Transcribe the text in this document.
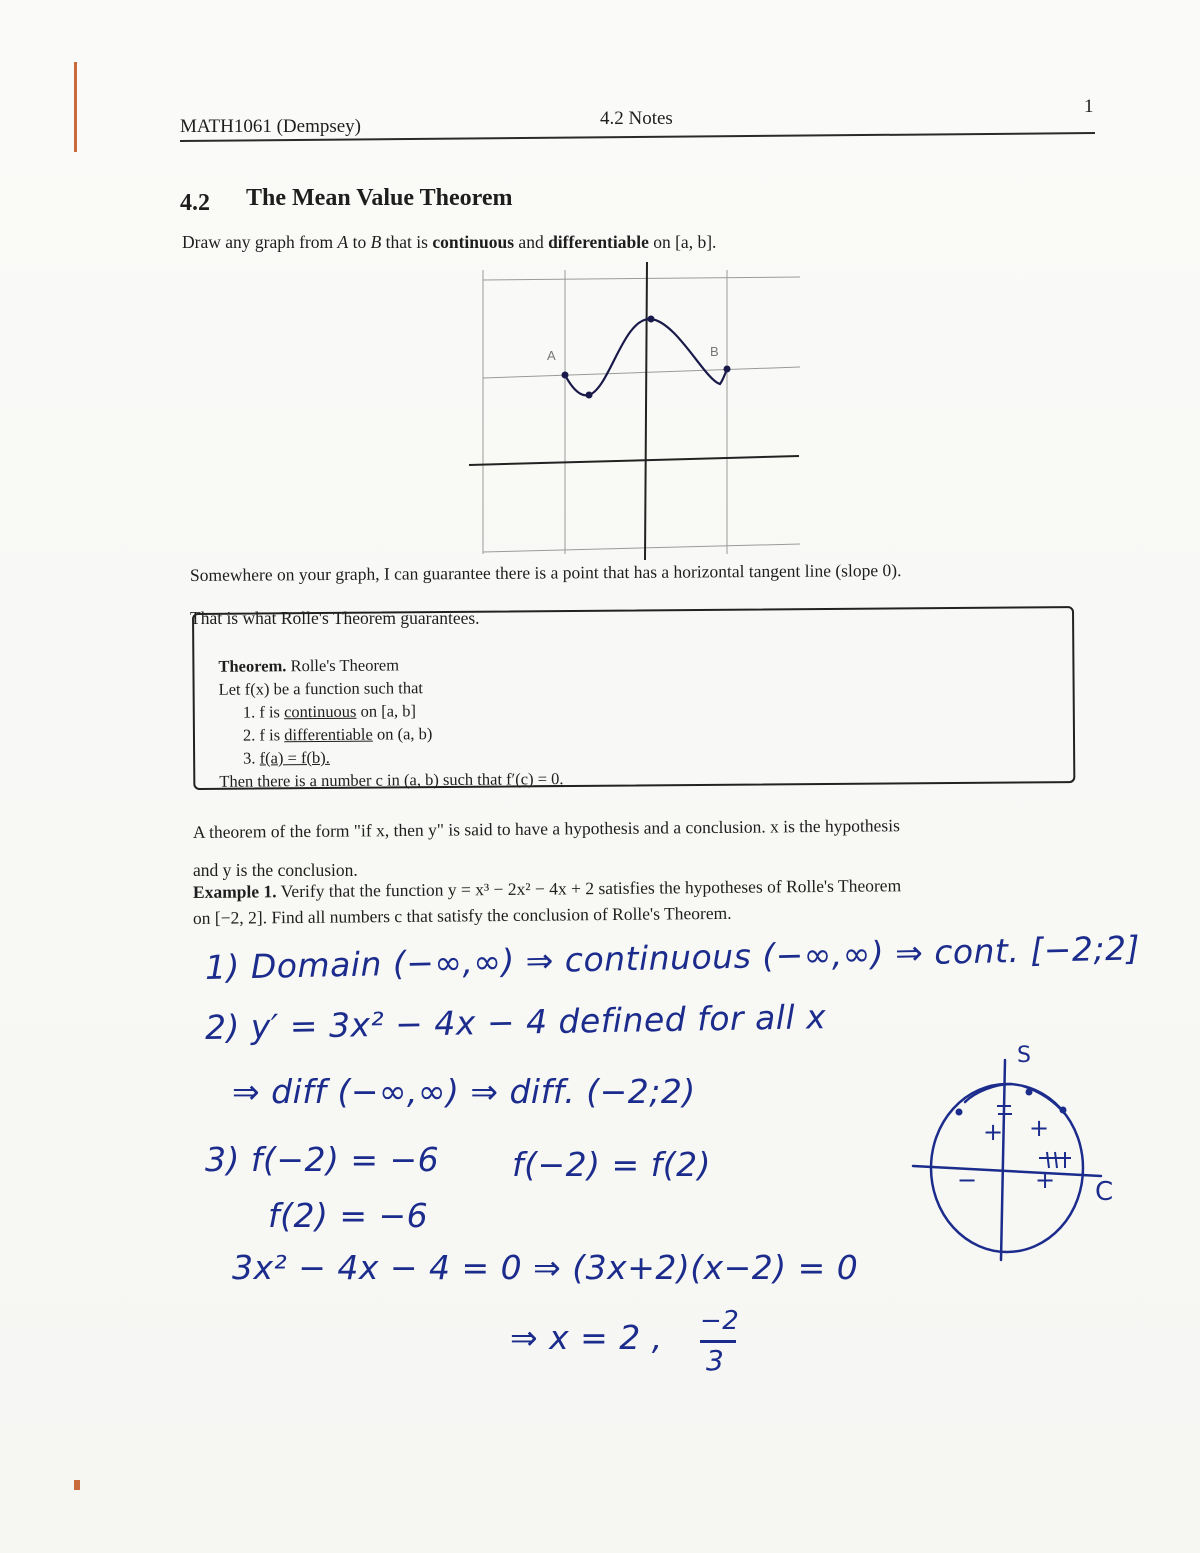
MATH1061 (Dempsey)	4.2 Notes
1
4.2 The Mean Value Theorem
Draw any graph from A to B that is continuous and differentiable on [a, b].
A	B
Somewhere on your graph, I can guarantee there is a point that has a horizontal tangent line (slope 0).
That is what Rolle's Theorem guarantees.
Theorem. Rolle's Theorem
Let f(x) be a function such that
1. f is continuous on [a, b]
2. f is differentiable on (a, b)
3. f(a) = f(b).
Then there is a number c in (a, b) such that f′(c) = 0.
A theorem of the form "if x, then y" is said to have a hypothesis and a conclusion. x is the hypothesis
and y is the conclusion.
Example 1. Verify that the function y = x³ − 2x² − 4x + 2 satisfies the hypotheses of Rolle's Theorem
on [−2, 2]. Find all numbers c that satisfy the conclusion of Rolle's Theorem.
1) Domain (−∞,∞) ⇒ continuous (−∞,∞) ⇒ cont. [−2;2]
2) y′ = 3x² − 4x − 4 defined for all x
⇒ diff (−∞,∞) ⇒ diff. (−2;2)
3) f(−2) = −6 f(−2) = f(2)
f(2) = −6
3x² − 4x − 4 = 0 ⇒ (3x+2)(x−2) = 0
⇒ x = 2 , −2
3
S
C
+ +
− +
